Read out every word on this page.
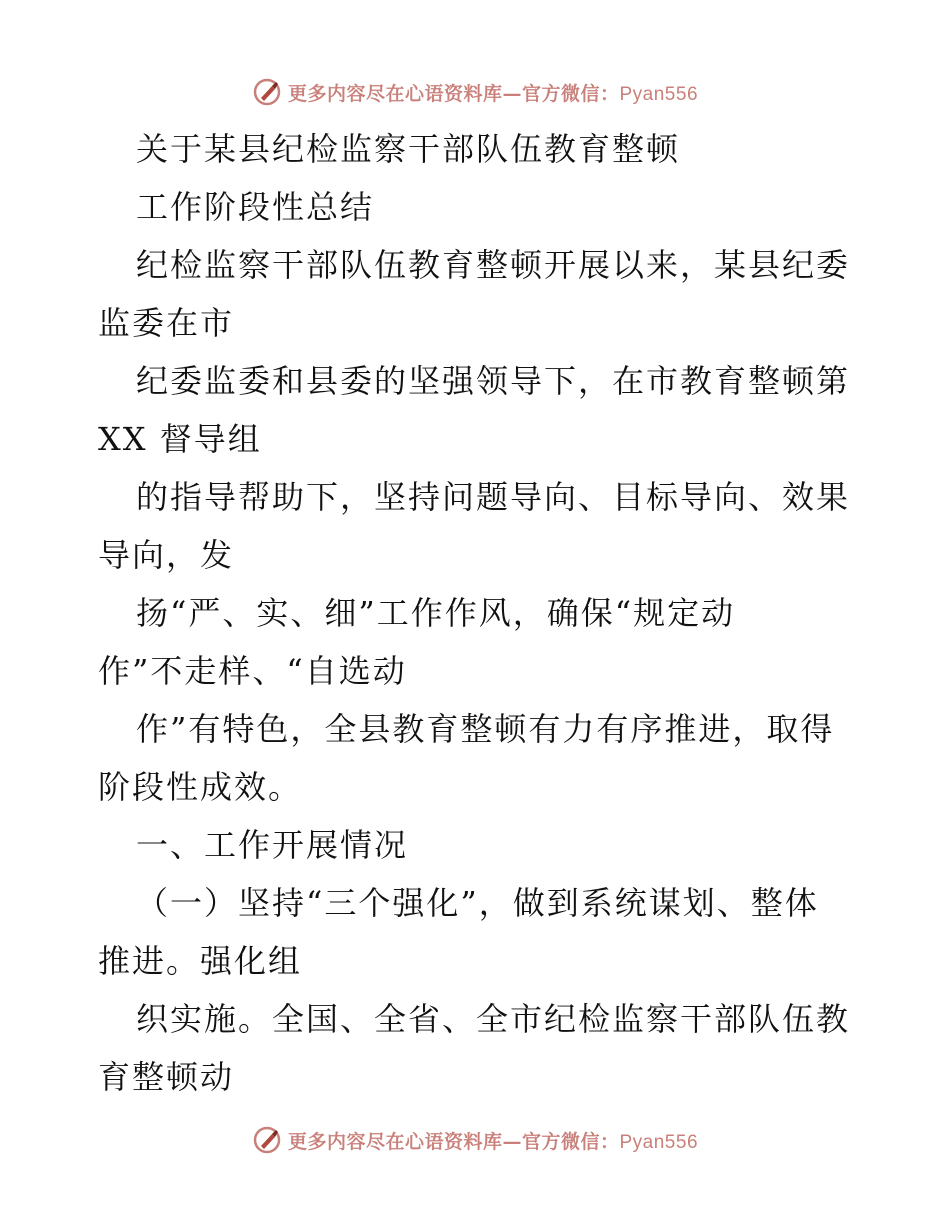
更多内容尽在心语资料库—官方微信：Pyan556
关于某县纪检监察干部队伍教育整顿
工作阶段性总结
纪检监察干部队伍教育整顿开展以来，某县纪委
监委在市
纪委监委和县委的坚强领导下，在市教育整顿第
XX 督导组
的指导帮助下，坚持问题导向、目标导向、效果
导向，发
扬“严、实、细”工作作风，确保“规定动
作”不走样、“自选动
作”有特色，全县教育整顿有力有序推进，取得
阶段性成效。
一、工作开展情况
（一）坚持“三个强化”，做到系统谋划、整体
推进。强化组
织实施。全国、全省、全市纪检监察干部队伍教
育整顿动
更多内容尽在心语资料库—官方微信：Pyan556
